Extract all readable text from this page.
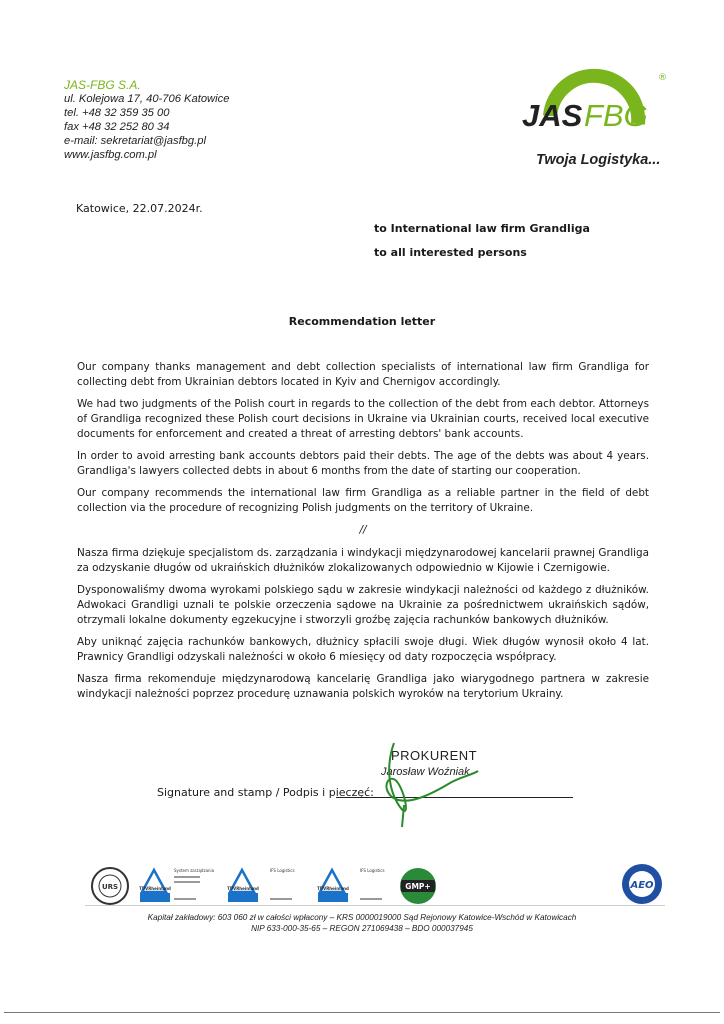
JAS-FBG S.A.
ul. Kolejowa 17, 40-706 Katowice
tel. +48 32 359 35 00
fax +48 32 252 80 34
e-mail: sekretariat@jasfbg.pl
www.jasfbg.com.pl
JAS FBG
®
Twoja Logistyka...
Katowice, 22.07.2024r.
to International law firm Grandliga
to all interested persons
Recommendation letter

Our company thanks management and debt collection specialists of international law firm Grandliga for collecting debt from Ukrainian debtors located in Kyiv and Chernigov accordingly.

We had two judgments of the Polish court in regards to the collection of the debt from each debtor. Attorneys of Grandliga recognized these Polish court decisions in Ukraine via Ukrainian courts, received local executive documents for enforcement and created a threat of arresting debtors' bank accounts.

In order to avoid arresting bank accounts debtors paid their debts. The age of the debts was about 4 years. Grandliga's lawyers collected debts in about 6 months from the date of starting our cooperation.

Our company recommends the international law firm Grandliga as a reliable partner in the field of debt collection via the procedure of recognizing Polish judgments on the territory of Ukraine.

//

Nasza firma dziękuje specjalistom ds. zarządzania i windykacji międzynarodowej kancelarii prawnej Grandliga za odzyskanie długów od ukraińskich dłużników zlokalizowanych odpowiednio w Kijowie i Czernigowie.

Dysponowaliśmy dwoma wyrokami polskiego sądu w zakresie windykacji należności od każdego z dłużników. Adwokaci Grandligi uznali te polskie orzeczenia sądowe na Ukrainie za pośrednictwem ukraińskich sądów, otrzymali lokalne dokumenty egzekucyjne i stworzyli groźbę zajęcia rachunków bankowych dłużników.

Aby uniknąć zajęcia rachunków bankowych, dłużnicy spłacili swoje długi. Wiek długów wynosił około 4 lat. Prawnicy Grandligi odzyskali należności w około 6 miesięcy od daty rozpoczęcia współpracy.

Nasza firma rekomenduje międzynarodową kancelarię Grandliga jako wiarygodnego partnera w zakresie windykacji należności poprzez procedurę uznawania polskich wyroków na terytorium Ukrainy.

Signature and stamp / Podpis i pieczęć:
PROKURENT
Jarosław Woźniak
URS	TÜVRheinland
System zarządzania
TÜVRheinland
IFS Logistics
TÜVRheinland
IFS Logistics
GMP+	AEO
Kapitał zakładowy: 603 060 zł w całości wpłacony – KRS 0000019000 Sąd Rejonowy Katowice-Wschód w Katowicach
NIP 633-000-35-65 – REGON 271069438 – BDO 000037945
